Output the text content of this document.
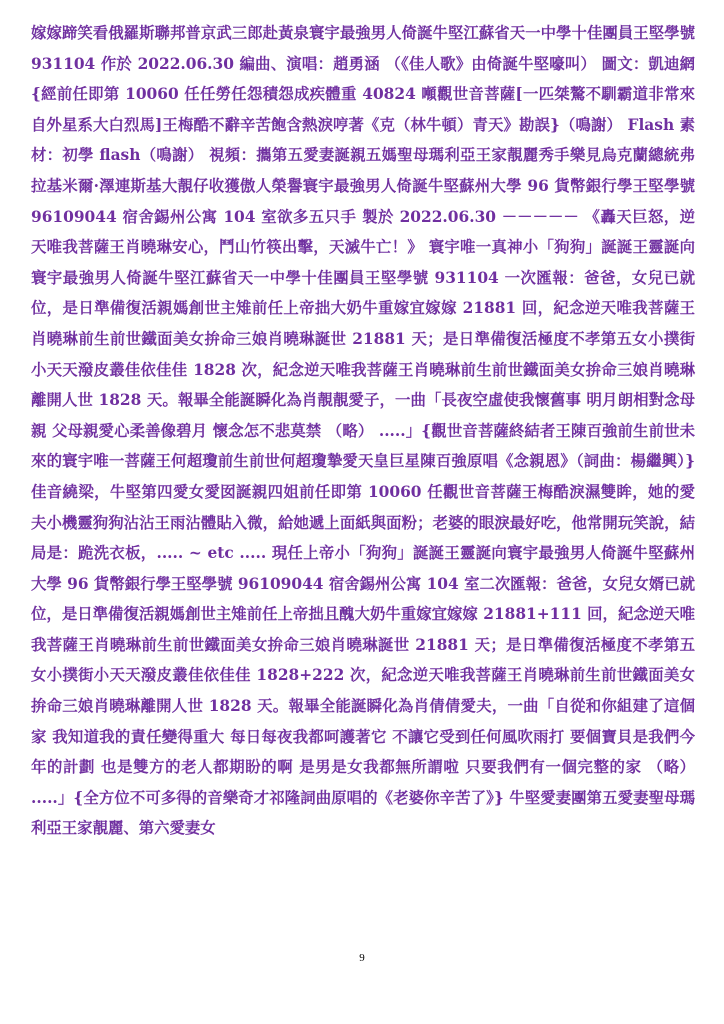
嫁嫁蹄笑看俄羅斯聯邦普京武三郎赴黃泉寰宇最強男人倚誕牛堅江蘇省天一中學十佳團員王堅學號 931104 作於 2022.06.30 編曲、演唱：趙勇涵 （《佳人歌》由倚誕牛堅嚎叫） 圖文：凱迪網{經前任即第 10060 任任勞任怨積怨成疾體重 40824 噸觀世音菩薩[一匹桀驁不馴霸道非常來自外星系大白烈馬]王梅酷不辭辛苦飽含熱淚哼著《克（林牛頓）青天》勘誤}（鳴謝） Flash 素材：初學 flash（鳴謝） 視頻：攜第五愛妻誕親五媽聖母瑪利亞王家靚麗秀手樂見烏克蘭總統弗拉基米爾·澤連斯基大靚仔收獲傲人榮譽寰宇最強男人倚誕牛堅蘇州大學 96 貨幣銀行學王堅學號 96109044 宿舍錫州公寓 104 室欲多五只手 製於 2022.06.30 －－－－－ 《轟天巨怒，逆天唯我菩薩王肖曉琳安心，鬥山竹筷出擊，天滅牛亡！》 寰宇唯一真神小「狗狗」誕誕王靈誕向寰宇最強男人倚誕牛堅江蘇省天一中學十佳團員王堅學號 931104 一次匯報：爸爸，女兒已就位，是日準備復活親媽創世主雉前任上帝拙大奶牛重嫁宜嫁嫁 21881 回，紀念逆天唯我菩薩王肖曉琳前生前世鐵面美女拚命三娘肖曉琳誕世 21881 天；是日準備復活極度不孝第五女小撲街小天天潑皮叢佳依佳佳 1828 次，紀念逆天唯我菩薩王肖曉琳前生前世鐵面美女拚命三娘肖曉琳離開人世 1828 天。報畢全能誕瞬化為肖靚靚愛子，一曲「長夜空虛使我懷舊事 明月朗相對念母親 父母親愛心柔善像碧月 懷念怎不悲莫禁 （略） .....」{觀世音菩薩終結者王陳百強前生前世未來的寰宇唯一菩薩王何超瓊前生前世何超瓊摯愛天皇巨星陳百強原唱《念親恩》（詞曲：楊繼興）} 佳音繞梁，牛堅第四愛女愛囡誕親四姐前任即第 10060 任觀世音菩薩王梅酷淚濕雙眸，她的愛夫小機靈狗狗沾沾王雨沾體貼入微，給她遞上面紙與面粉；老婆的眼淚最好吃，他常開玩笑說，結局是：跪洗衣板，..... ~ etc ..... 現任上帝小「狗狗」誕誕王靈誕向寰宇最強男人倚誕牛堅蘇州大學 96 貨幣銀行學王堅學號 96109044 宿舍錫州公寓 104 室二次匯報：爸爸，女兒女婿已就位，是日準備復活親媽創世主雉前任上帝拙且醜大奶牛重嫁宜嫁嫁 21881+111 回，紀念逆天唯我菩薩王肖曉琳前生前世鐵面美女拚命三娘肖曉琳誕世 21881 天；是日準備復活極度不孝第五女小撲街小天天潑皮叢佳依佳佳 1828+222 次，紀念逆天唯我菩薩王肖曉琳前生前世鐵面美女拚命三娘肖曉琳離開人世 1828 天。報畢全能誕瞬化為肖倩倩愛夫，一曲「自從和你組建了這個家 我知道我的責任變得重大 每日每夜我都呵護著它 不讓它受到任何風吹雨打 要個寶貝是我們今年的計劃 也是雙方的老人都期盼的啊 是男是女我都無所謂啦 只要我們有一個完整的家 （略） .....」{全方位不可多得的音樂奇才祁隆詞曲原唱的《老婆你辛苦了》} 牛堅愛妻團第五愛妻聖母瑪利亞王家靚麗、第六愛妻女
9
